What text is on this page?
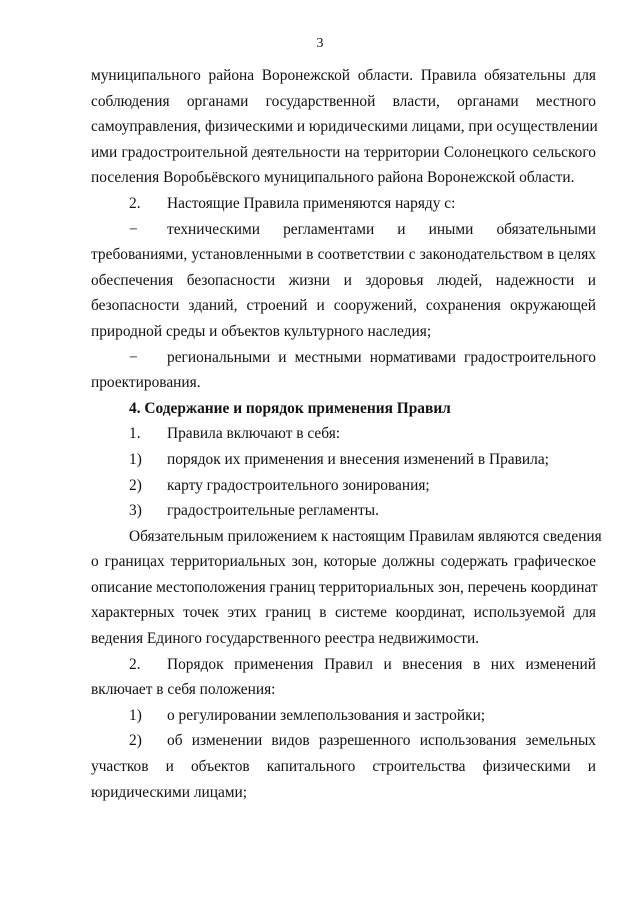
3
муниципального района Воронежской области. Правила обязательны для
соблюдения органами государственной власти, органами местного
самоуправления, физическими и юридическими лицами, при осуществлении
ими градостроительной деятельности на территории Солонецкого сельского
поселения Воробьёвского муниципального района Воронежской области.
2.	Настоящие Правила применяются наряду с:
−	техническими регламентами и иными обязательными
требованиями, установленными в соответствии с законодательством в целях
обеспечения безопасности жизни и здоровья людей, надежности и
безопасности зданий, строений и сооружений, сохранения окружающей
природной среды и объектов культурного наследия;
−	региональными и местными нормативами градостроительного
проектирования.
4. Содержание и порядок применения Правил
1.	Правила включают в себя:
1)	порядок их применения и внесения изменений в Правила;
2)	карту градостроительного зонирования;
3)	градостроительные регламенты.
Обязательным приложением к настоящим Правилам являются сведения
о границах территориальных зон, которые должны содержать графическое
описание местоположения границ территориальных зон, перечень координат
характерных точек этих границ в системе координат, используемой для
ведения Единого государственного реестра недвижимости.
2.	Порядок применения Правил и внесения в них изменений
включает в себя положения:
1)	о регулировании землепользования и застройки;
2)	об изменении видов разрешенного использования земельных
участков и объектов капитального строительства физическими и
юридическими лицами;
